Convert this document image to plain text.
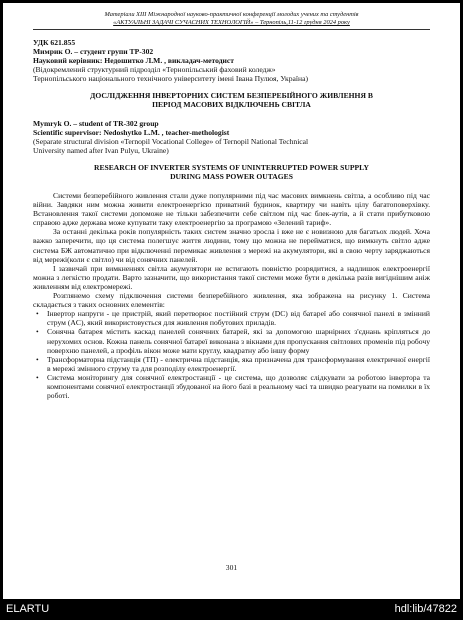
Матеріали ХІІІ Міжнародної науково-практичної конференції молодих учених та студентів
«АКТУАЛЬНІ ЗАДАЧІ СУЧАСНИХ ТЕХНОЛОГІЙ» – Тернопіль,11-12 грудня 2024 року
УДК 621.855
Мимрик О. – студент групи ТР-302
Науковий керівник: Недошитко Л.М. , викладач-методист
(Відокремлений структурний підрозділ «Тернопільський фаховий коледж»
Тернопільського національного технічного університету імені Івана Пулюя, Україна)
ДОСЛІДЖЕННЯ ІНВЕРТОРНИХ СИСТЕМ БЕЗПЕРЕБІЙНОГО ЖИВЛЕННЯ В
ПЕРІОД МАСОВИХ ВІДКЛЮЧЕНЬ СВІТЛА
Mymryk O. – student of TR-302 group
Scientific supervisor: Nedoshytko L.M. , teacher-methologist
(Separate structural division «Ternopil Vocational College» of Ternopil National Technical
University named after Ivan Pulyu, Ukraine)
RESEARCH OF INVERTER SYSTEMS OF UNINTERRUPTED POWER SUPPLY
DURING MASS POWER OUTAGES
Системи безперебійного живлення стали дуже популярними під час масових вимкнень світла, а особливо під час війни. Завдяки ним можна живити електроенергією приватний будинок, квартиру чи навіть цілу багатоповерхівку. Встановлення такої системи допоможе не тільки забезпечити себе світлом під час блек-аутів, а й стати прибутковою справою адже держава може купувати таку електроенергію за програмою «Зелений тариф».
За останні декілька років популярність таких систем значно зросла і вже не є новизною для багатьох людей. Хоча важко заперечити, що ця система полегшує життя людини, тому що можна не перейматися, що вимкнуть світло адже система БЖ автоматично при відключенні перемикає живлення з мережі на акумулятори, які в свою черту заряджаються від мережі(коли є світло) чи від сонячних панелей.
І зазвичай при вимкненнях світла акумулятори не встигають повністю розрядитися, а надлишок електроенергії можна з легкістю продати. Варто зазначити, що використання такої системи може бути в декілька разів вигіднішим аніж живленням від електромережі.
Розглянемо схему підключення системи безперебійного живлення, яка зображена на рисунку 1. Система складається з таких основних елементів:
• Інвертор напруги - це пристрій, який перетворює постійний струм (DC) від батареї або сонячної панелі в змінний струм (AC), який використовується для живлення побутових приладів.
• Сонячна батарея містить каскад панелей сонячних батарей, які за допомогою шарнірних з'єднань кріпляться до нерухомих основ. Кожна панель сонячної батареї виконана з вікнами для пропускання світлових променів під робочу поверхню панелей, а профіль вікон може мати круглу, квадратну або іншу форму
• Трансформаторна підстанція (ТП) - електрична підстанція, яка призначена для трансформування електричної енергії в мережі змінного струму та для розподілу електроенергії.
• Система моніторингу для сонячної електростанції - це система, що дозволяє слідкувати за роботою інвертора та компонентами сонячної електростанції збудованої на його базі в реальному часі та швидко реагувати на помилки в їх роботі.
301
ELARTU	hdl:lib/47822
